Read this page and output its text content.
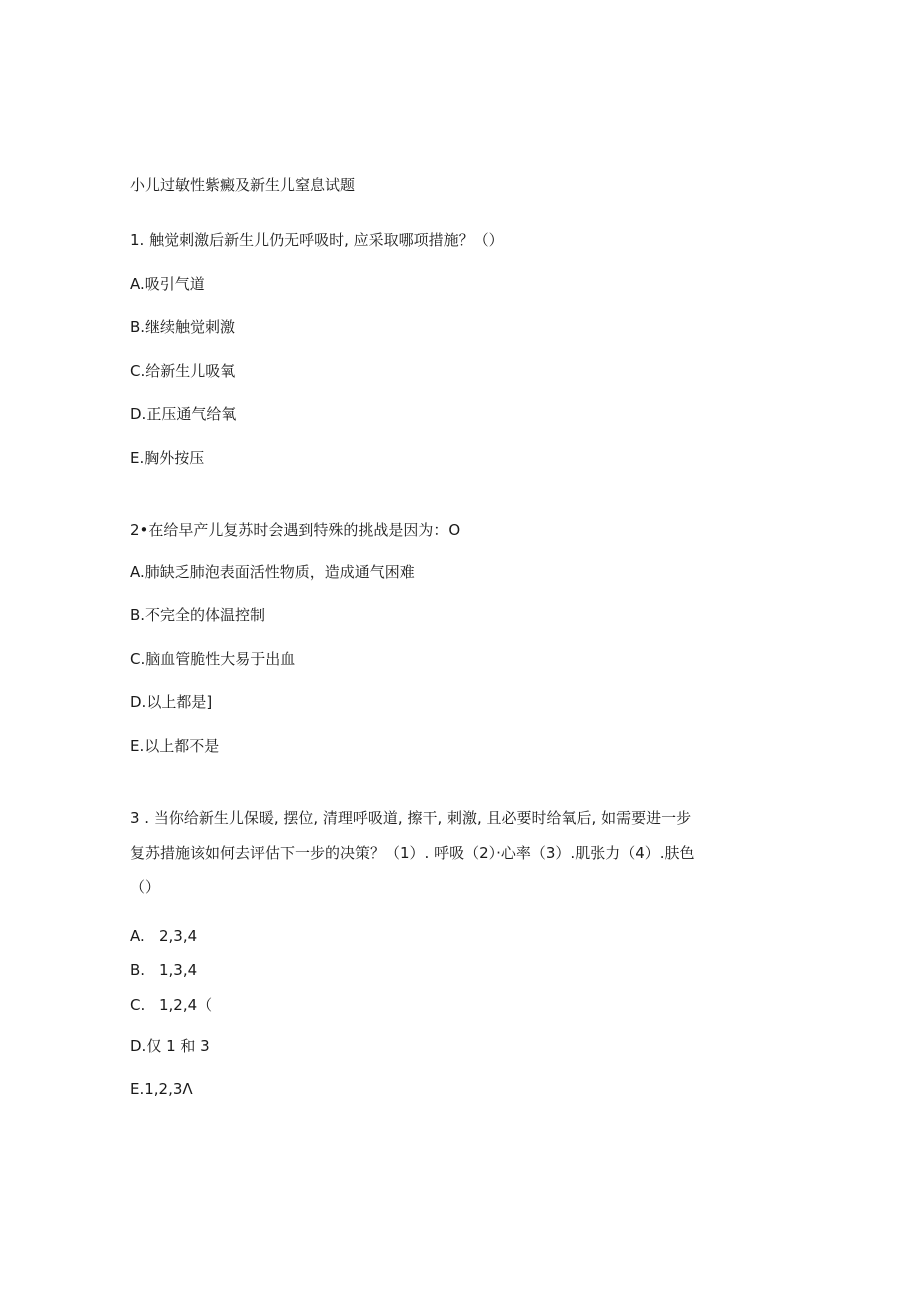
小儿过敏性紫癜及新生儿窒息试题
1. 触觉刺激后新生儿仍无呼吸时, 应采取哪项措施？（）
A.吸引气道
B.继续触觉刺激
C.给新生儿吸氧
D.正压通气给氧
E.胸外按压
2•在给早产儿复苏时会遇到特殊的挑战是因为：O
A.肺缺乏肺泡表面活性物质，造成通气困难
B.不完全的体温控制
C.脑血管脆性大易于出血
D.以上都是]
E.以上都不是
3 . 当你给新生儿保暖, 摆位, 清理呼吸道, 擦干, 刺激, 且必要时给氧后, 如需要进一步
复苏措施该如何去评估下一步的决策？（1）. 呼吸（2）·心率（3）.肌张力（4）.肤色
（）
A. 2,3,4
B. 1,3,4
C. 1,2,4（
D.仅 1 和 3
E.1,2,3Λ
